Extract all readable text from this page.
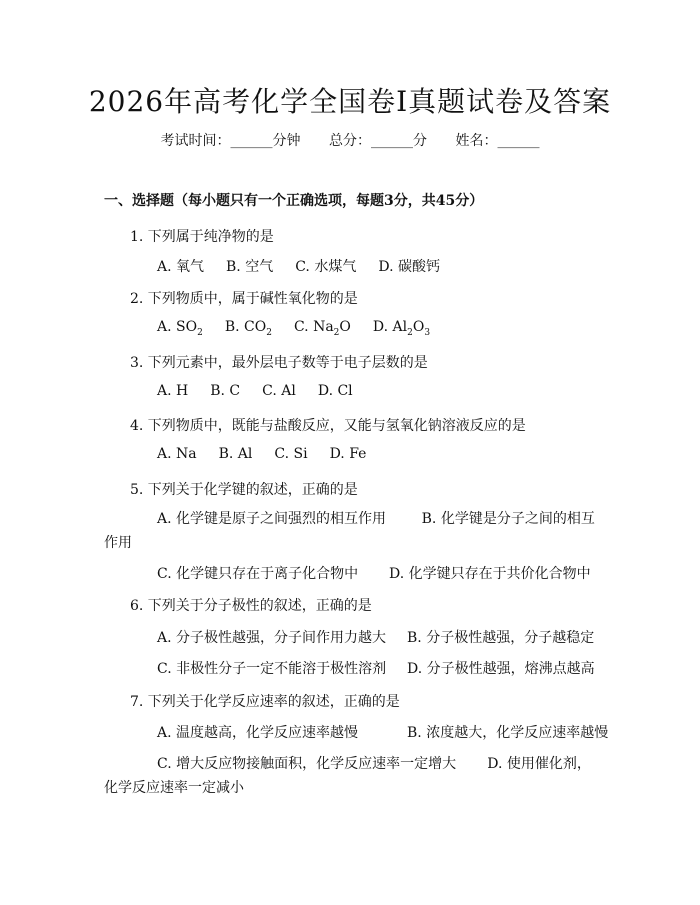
2026年高考化学全国卷Ⅰ真题试卷及答案
考试时间：______分钟 总分：______分 姓名：______
一、选择题（每小题只有一个正确选项，每题3分，共45分）
1. 下列属于纯净物的是
A. 氧气 B. 空气 C. 水煤气 D. 碳酸钙
2. 下列物质中，属于碱性氧化物的是
A. $SO_2$ B. $CO_2$ C. $Na_2O$ D. $Al_2O_3$
3. 下列元素中，最外层电子数等于电子层数的是
A. H B. C C. Al D. Cl
4. 下列物质中，既能与盐酸反应，又能与氢氧化钠溶液反应的是
A. Na B. Al C. Si D. Fe
5. 下列关于化学键的叙述，正确的是
A. 化学键是原子之间强烈的相互作用	B. 化学键是分子之间的相互作用
C. 化学键只存在于离子化合物中 D. 化学键只存在于共价化合物中
6. 下列关于分子极性的叙述，正确的是
A. 分子极性越强，分子间作用力越大 B. 分子极性越强，分子越稳定
C. 非极性分子一定不能溶于极性溶剂 D. 分子极性越强，熔沸点越高
7. 下列关于化学反应速率的叙述，正确的是
A. 温度越高，化学反应速率越慢	B. 浓度越大，化学反应速率越慢
C. 增大反应物接触面积，化学反应速率一定增大 D. 使用催化剂，化学反应速率一定减小
